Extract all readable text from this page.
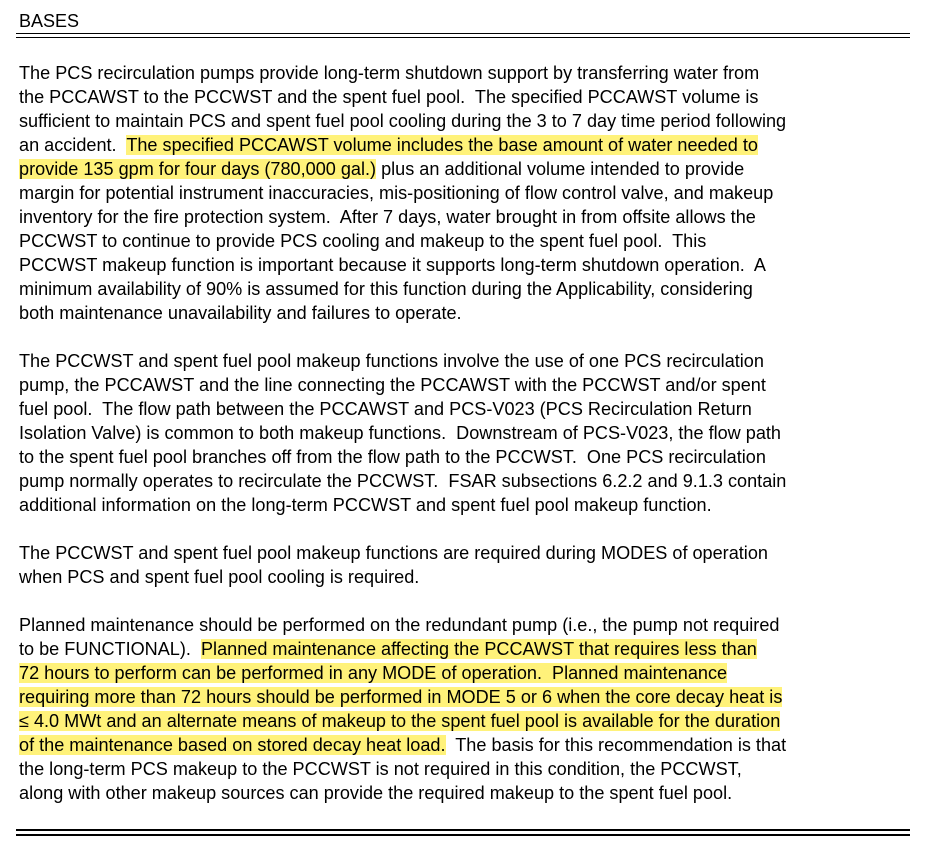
BASES

The PCS recirculation pumps provide long-term shutdown support by transferring water from
the PCCAWST to the PCCWST and the spent fuel pool.  The specified PCCAWST volume is
sufficient to maintain PCS and spent fuel pool cooling during the 3 to 7 day time period following
an accident.  The specified PCCAWST volume includes the base amount of water needed to
provide 135 gpm for four days (780,000 gal.) plus an additional volume intended to provide
margin for potential instrument inaccuracies, mis-positioning of flow control valve, and makeup
inventory for the fire protection system.  After 7 days, water brought in from offsite allows the
PCCWST to continue to provide PCS cooling and makeup to the spent fuel pool.  This
PCCWST makeup function is important because it supports long-term shutdown operation.  A
minimum availability of 90% is assumed for this function during the Applicability, considering
both maintenance unavailability and failures to operate.

The PCCWST and spent fuel pool makeup functions involve the use of one PCS recirculation
pump, the PCCAWST and the line connecting the PCCAWST with the PCCWST and/or spent
fuel pool.  The flow path between the PCCAWST and PCS-V023 (PCS Recirculation Return
Isolation Valve) is common to both makeup functions.  Downstream of PCS-V023, the flow path
to the spent fuel pool branches off from the flow path to the PCCWST.  One PCS recirculation
pump normally operates to recirculate the PCCWST.  FSAR subsections 6.2.2 and 9.1.3 contain
additional information on the long-term PCCWST and spent fuel pool makeup function.

The PCCWST and spent fuel pool makeup functions are required during MODES of operation
when PCS and spent fuel pool cooling is required.

Planned maintenance should be performed on the redundant pump (i.e., the pump not required
to be FUNCTIONAL).  Planned maintenance affecting the PCCAWST that requires less than
72 hours to perform can be performed in any MODE of operation.  Planned maintenance
requiring more than 72 hours should be performed in MODE 5 or 6 when the core decay heat is
≤ 4.0 MWt and an alternate means of makeup to the spent fuel pool is available for the duration
of the maintenance based on stored decay heat load.  The basis for this recommendation is that
the long-term PCS makeup to the PCCWST is not required in this condition, the PCCWST,
along with other makeup sources can provide the required makeup to the spent fuel pool.
